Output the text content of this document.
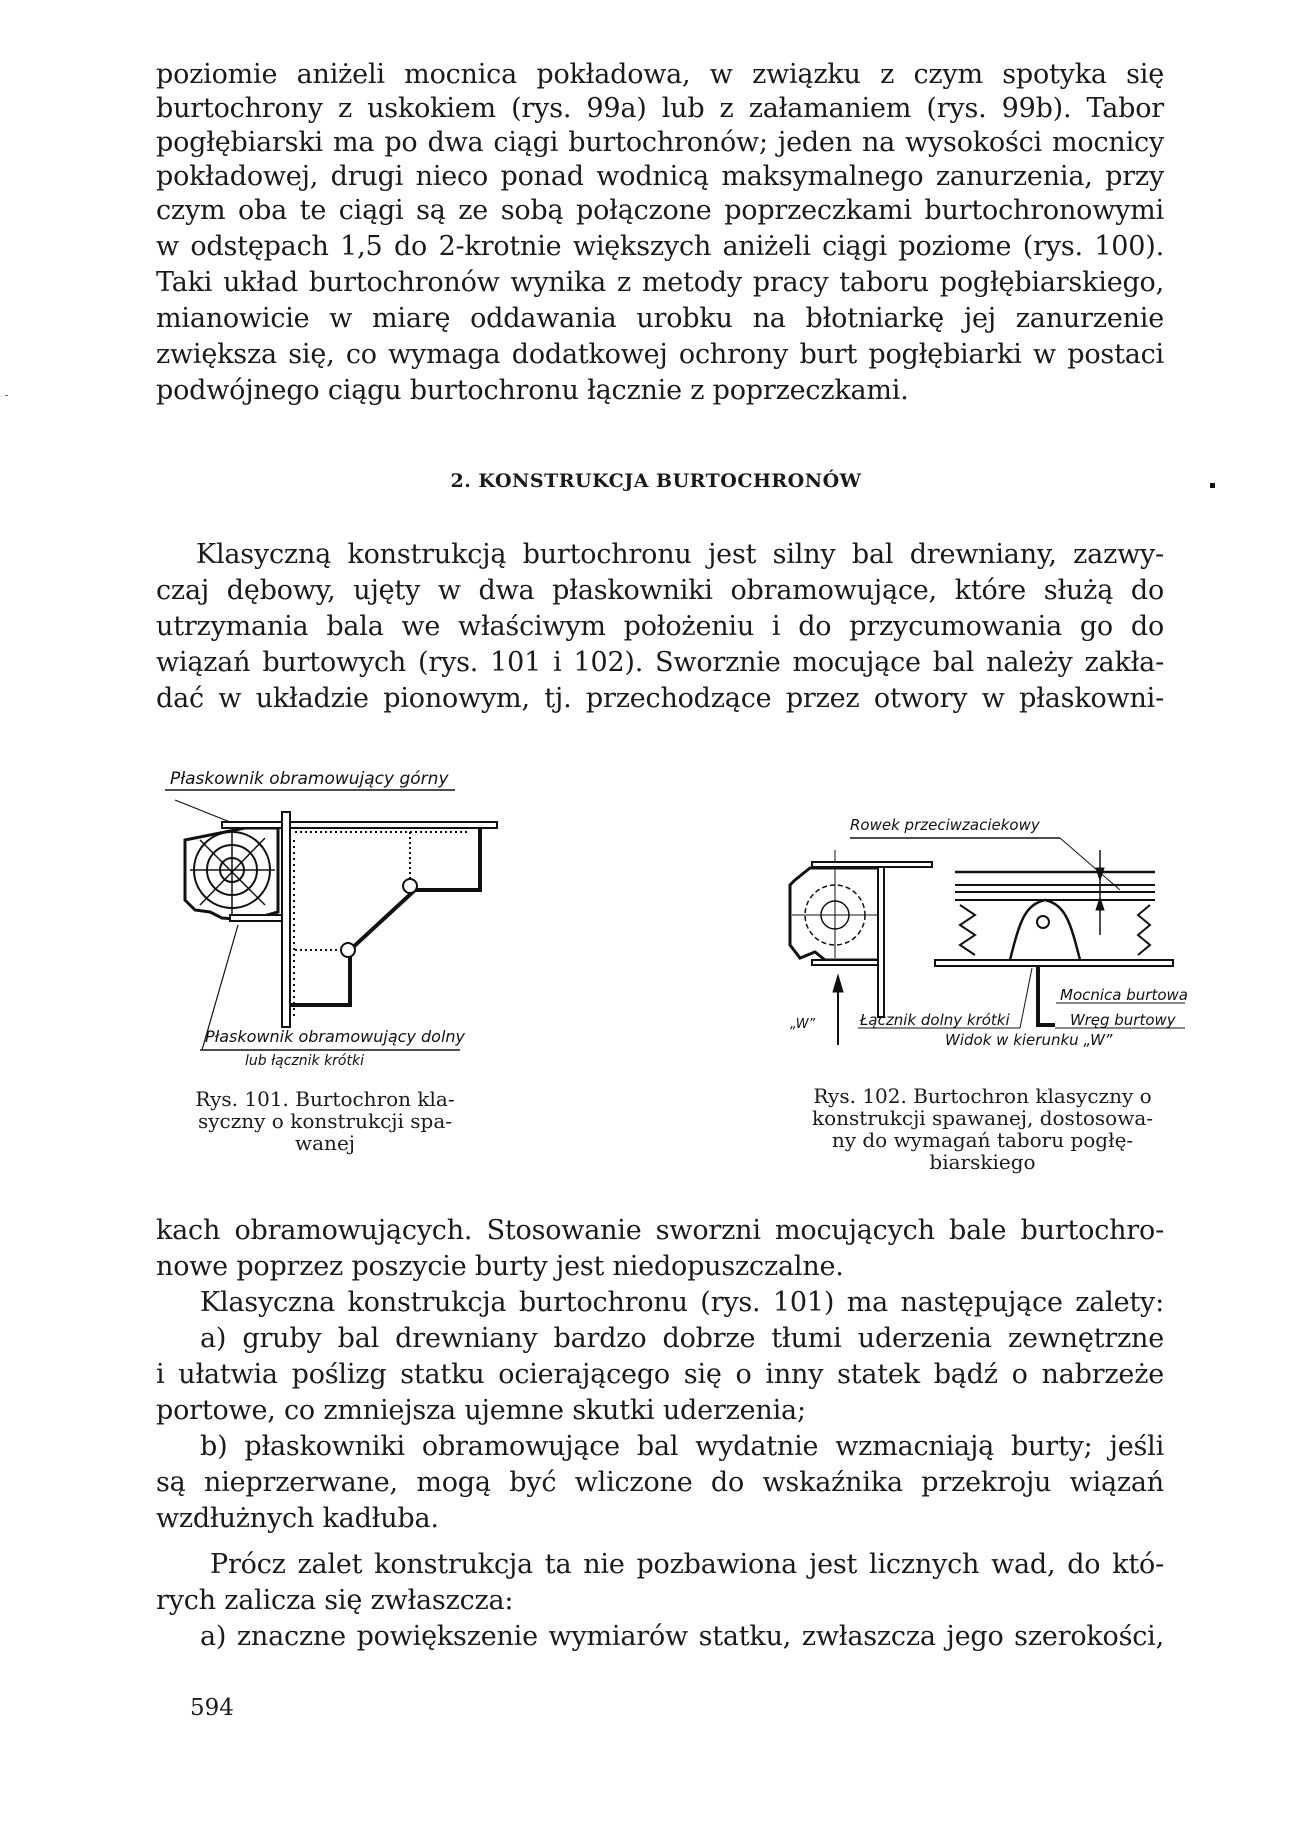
poziomie aniżeli mocnica pokładowa, w związku z czym spotyka się
burtochrony z uskokiem (rys. 99a) lub z załamaniem (rys. 99b). Tabor
pogłębiarski ma po dwa ciągi burtochronów; jeden na wysokości mocnicy
pokładowej, drugi nieco ponad wodnicą maksymalnego zanurzenia, przy
czym oba te ciągi są ze sobą połączone poprzeczkami burtochronowymi
w odstępach 1,5 do 2-krotnie większych aniżeli ciągi poziome (rys. 100).
Taki układ burtochronów wynika z metody pracy taboru pogłębiarskiego,
mianowicie w miarę oddawania urobku na błotniarkę jej zanurzenie
zwiększa się, co wymaga dodatkowej ochrony burt pogłębiarki w postaci
podwójnego ciągu burtochronu łącznie z poprzeczkami.
2. KONSTRUKCJA BURTOCHRONÓW
Klasyczną konstrukcją burtochronu jest silny bal drewniany, zazwy-
czaj dębowy, ujęty w dwa płaskowniki obramowujące, które służą do
utrzymania bala we właściwym położeniu i do przycumowania go do
wiązań burtowych (rys. 101 i 102). Sworznie mocujące bal należy zakła-
dać w układzie pionowym, tj. przechodzące przez otwory w płaskowni-
Płaskownik obramowujący górny
Płaskownik obramowujący dolny
lub łącznik krótki
Rys. 101. Burtochron kla-
syczny o konstrukcji spa-
wanej
Rowek przeciwzaciekowy
„W”
Mocnica burtowa
Łącznik dolny krótki	Wręg burtowy
Widok w kierunku „W”
Rys. 102. Burtochron klasyczny o
konstrukcji spawanej, dostosowa-
ny do wymagań taboru pogłę-
biarskiego
kach obramowujących. Stosowanie sworzni mocujących bale burtochro-
nowe poprzez poszycie burty jest niedopuszczalne.
Klasyczna konstrukcja burtochronu (rys. 101) ma następujące zalety:
a) gruby bal drewniany bardzo dobrze tłumi uderzenia zewnętrzne
i ułatwia poślizg statku ocierającego się o inny statek bądź o nabrzeże
portowe, co zmniejsza ujemne skutki uderzenia;
b) płaskowniki obramowujące bal wydatnie wzmacniają burty; jeśli
są nieprzerwane, mogą być wliczone do wskaźnika przekroju wiązań
wzdłużnych kadłuba.
Prócz zalet konstrukcja ta nie pozbawiona jest licznych wad, do któ-
rych zalicza się zwłaszcza:
a) znaczne powiększenie wymiarów statku, zwłaszcza jego szerokości,
594
